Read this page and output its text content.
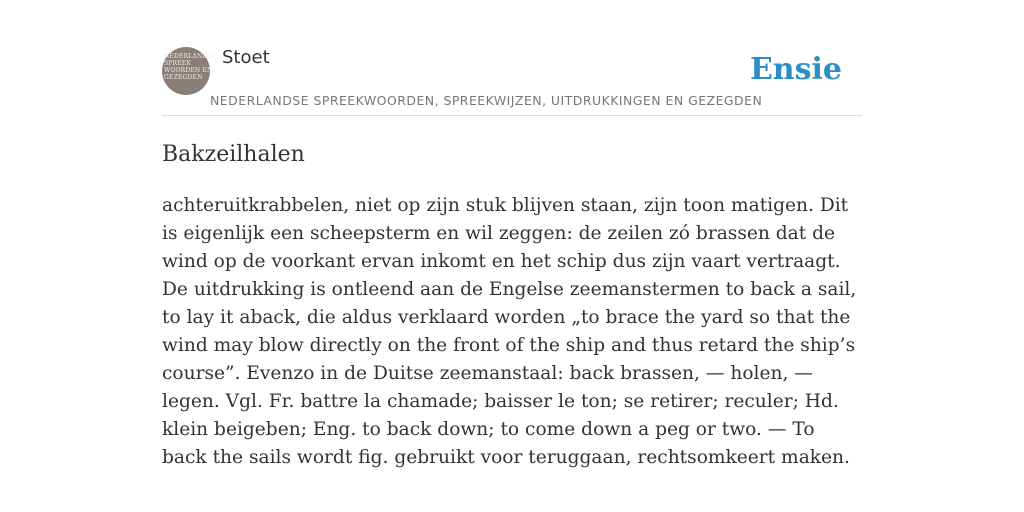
NEDERLANDSE
SPREEK
WOORDEN EN
GEZEGDEN
Stoet
NEDERLANDSE SPREEKWOORDEN, SPREEKWIJZEN, UITDRUKKINGEN EN GEZEGDEN
Ensie
Bakzeilhalen

achteruitkrabbelen, niet op zijn stuk blijven staan, zijn toon matigen. Dit is eigenlijk een scheepsterm en wil zeggen: de zeilen zó brassen dat de wind op de voorkant ervan inkomt en het schip dus zijn vaart vertraagt. De uitdrukking is ontleend aan de Engelse zeemanstermen to back a sail, to lay it aback, die aldus verklaard worden „to brace the yard so that the wind may blow directly on the front of the ship and thus retard the ship’s course”. Evenzo in de Duitse zeemanstaal: back brassen, — holen, — legen. Vgl. Fr. battre la chamade; baisser le ton; se retirer; reculer; Hd. klein beigeben; Eng. to back down; to come down a peg or two. — To back the sails wordt fig. gebruikt voor teruggaan, rechtsomkeert maken.
